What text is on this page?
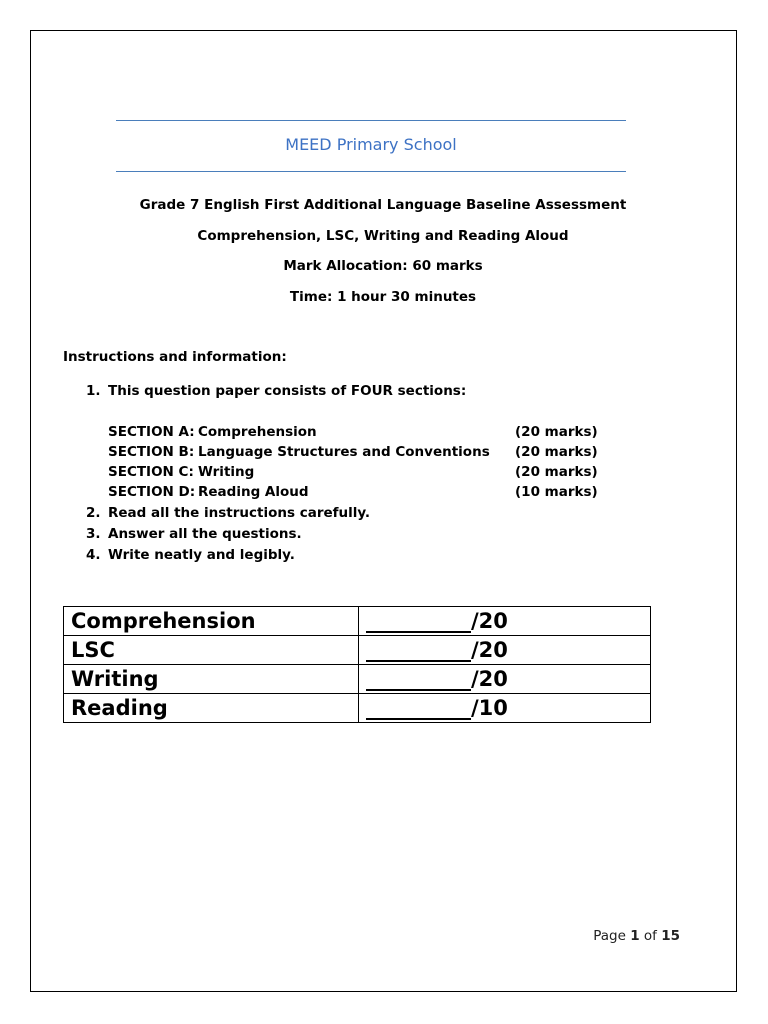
MEED Primary School
Grade 7 English First Additional Language Baseline Assessment
Comprehension, LSC, Writing and Reading Aloud
Mark Allocation: 60 marks
Time: 1 hour 30 minutes
Instructions and information:
1. This question paper consists of FOUR sections:
SECTION A: Comprehension	(20 marks)
SECTION B: Language Structures and Conventions (20 marks)
SECTION C: Writing	(20 marks)
SECTION D: Reading Aloud	(10 marks)
2. Read all the instructions carefully.
3. Answer all the questions.
4. Write neatly and legibly.
Comprehension	__________/20
LSC	__________/20
Writing	__________/20
Reading	__________/10
Page 1 of 15
